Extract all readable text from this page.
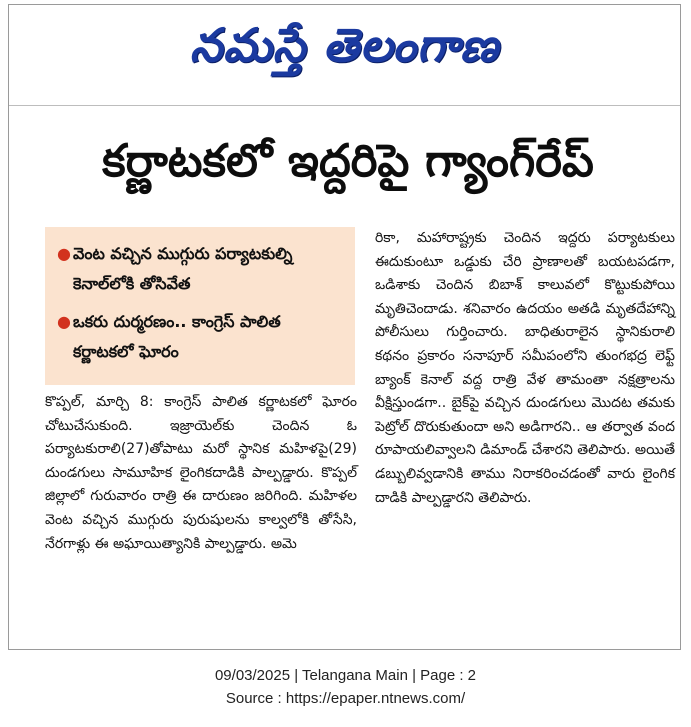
నమస్తే తెలంగాణ
కర్ణాటకలో ఇద్దరిపై గ్యాంగ్‌రేప్
● వెంట వచ్చిన ముగ్గురు పర్యాటకుల్ని కెనాల్‌లోకి తోసివేత
● ఒకరు దుర్మరణం.. కాంగ్రెస్ పాలిత కర్ణాటకలో ఘోరం

కొప్పల్, మార్చి 8: కాంగ్రెస్ పాలిత కర్ణాటకలో ఘోరం చోటుచేసుకుంది. ఇజ్రాయెల్‌కు చెందిన ఓ పర్యాటకురాలి(27)తోపాటు మరో స్థానిక మహిళపై(29) దుండగులు సామూహిక లైంగికదాడికి పాల్పడ్డారు. కొప్పల్ జిల్లాలో గురువారం రాత్రి ఈ దారుణం జరిగింది. మహిళల వెంట వచ్చిన ముగ్గురు పురుషులను కాల్వలోకి తోసేసి, నేరగాళ్లు ఈ అఘాయిత్యానికి పాల్పడ్డారు. అమె

రికా, మహారాష్ట్రకు చెందిన ఇద్దరు పర్యాటకులు ఈదుకుంటూ ఒడ్డుకు చేరి ప్రాణాలతో బయటపడగా, ఒడిశాకు చెందిన బిబాశ్ కాలువలో కొట్టుకుపోయి మృతిచెందాడు. శనివారం ఉదయం అతడి మృతదేహాన్ని పోలీసులు గుర్తించారు. బాధితురాలైన స్థానికురాలి కథనం ప్రకారం సనాపూర్ సమీపంలోని తుంగభద్ర లెఫ్ట్ బ్యాంక్ కెనాల్ వద్ద రాత్రి వేళ తామంతా నక్షత్రాలను వీక్షిస్తుండగా.. బైక్‌పై వచ్చిన దుండగులు మొదట తమకు పెట్రోల్ దొరుకుతుందా అని అడిగారని.. ఆ తర్వాత వంద రూపాయలివ్వాలని డిమాండ్ చేశారని తెలిపారు. అయితే డబ్బులివ్వడానికి తాము నిరాకరించడంతో వారు లైంగిక దాడికి పాల్పడ్డారని తెలిపారు.

09/03/2025 | Telangana Main | Page : 2
Source : https://epaper.ntnews.com/
